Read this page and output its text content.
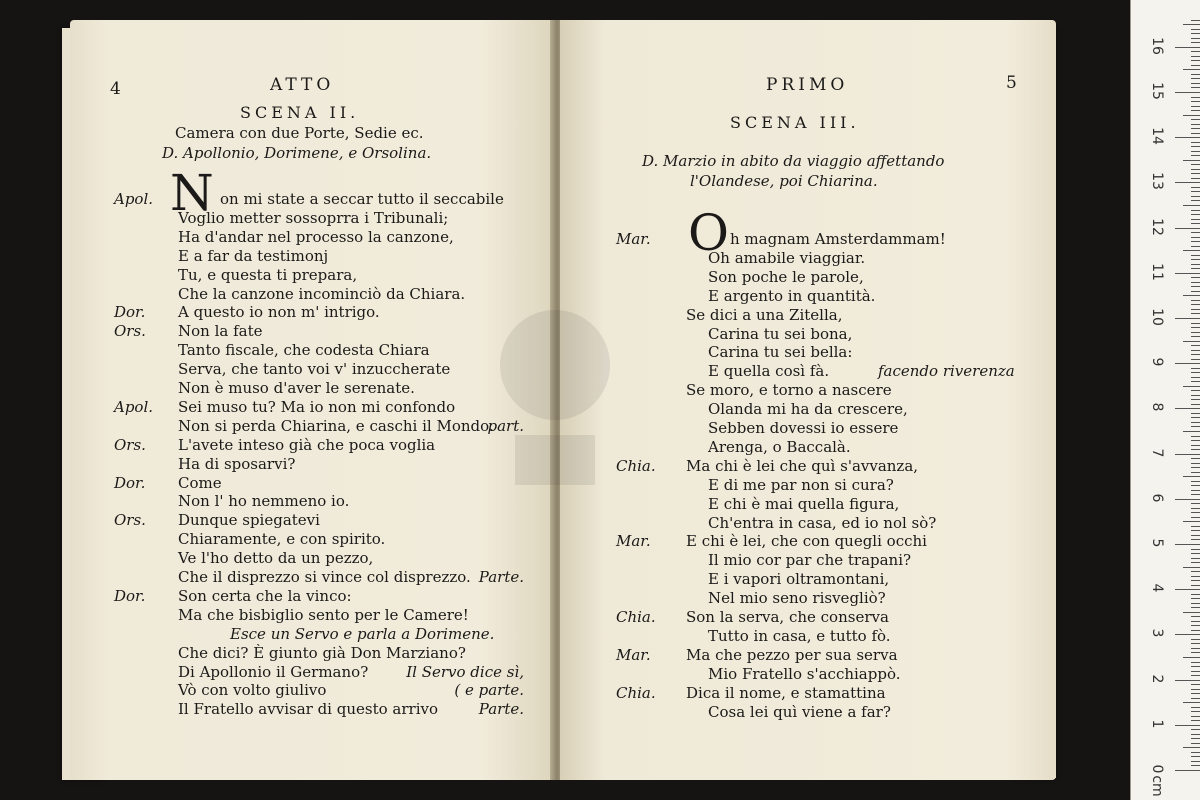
4	ATTO
SCENA II.
Camera con due Porte, Sedie ec.
D. Apollonio, Dorimene, e Orsolina.
N
Apol.	on mi state a seccar tutto il seccabile
Voglio metter sossoprra i Tribunali;
Ha d'andar nel processo la canzone,
E a far da testimonj
Tu, e questa ti prepara,
Che la canzone incominciò da Chiara.
Dor. A questo io non m' intrigo.
Ors. Non la fate
Tanto fiscale, che codesta Chiara
Serva, che tanto voi v' inzuccherate
Non è muso d'aver le serenate.
Apol. Sei muso tu? Ma io non mi confondo
Non si perda Chiarina, e caschi il Mondo.
part.
Ors. L'avete inteso già che poca voglia
Ha di sposarvi?
Dor. Come
Non l' ho nemmeno io.
Ors. Dunque spiegatevi
Chiaramente, e con spirito.
Ve l'ho detto da un pezzo,
Che il disprezzo si vince col disprezzo. Parte.
Dor. Son certa che la vinco:
Ma che bisbiglio sento per le Camere!
Esce un Servo e parla a Dorimene.
Che dici? È giunto già Don Marziano?
Di Apollonio il Germano?	Il Servo dice sì,
Vò con volto giulivo	( e parte.
Il Fratello avvisar di questo arrivo	Parte.
PRIMO	5
SCENA III.
D. Marzio in abito da viaggio affettando
l'Olandese, poi Chiarina.
O
Mar.	h magnam Amsterdammam!
Oh amabile viaggiar.
Son poche le parole,
E argento in quantità.
Se dici a una Zitella,
Carina tu sei bona,
Carina tu sei bella:
E quella così fà.	facendo riverenza
Se moro, e torno a nascere
Olanda mi ha da crescere,
Sebben dovessi io essere
Arenga, o Baccalà.
Chia. Ma chi è lei che quì s'avvanza,
E di me par non si cura?
E chi è mai quella figura,
Ch'entra in casa, ed io nol sò?
Mar. E chi è lei, che con quegli occhi
Il mio cor par che trapani?
E i vapori oltramontani,
Nel mio seno risvegliò?
Chia. Son la serva, che conserva
Tutto in casa, e tutto fò.
Mar. Ma che pezzo per sua serva
Mio Fratello s'acchiappò.
Chia. Dica il nome, e stamattina
Cosa lei quì viene a far?
0
1
2
3
4
5
6
7
8
9
10
11
12
13
14
15
16
cm
